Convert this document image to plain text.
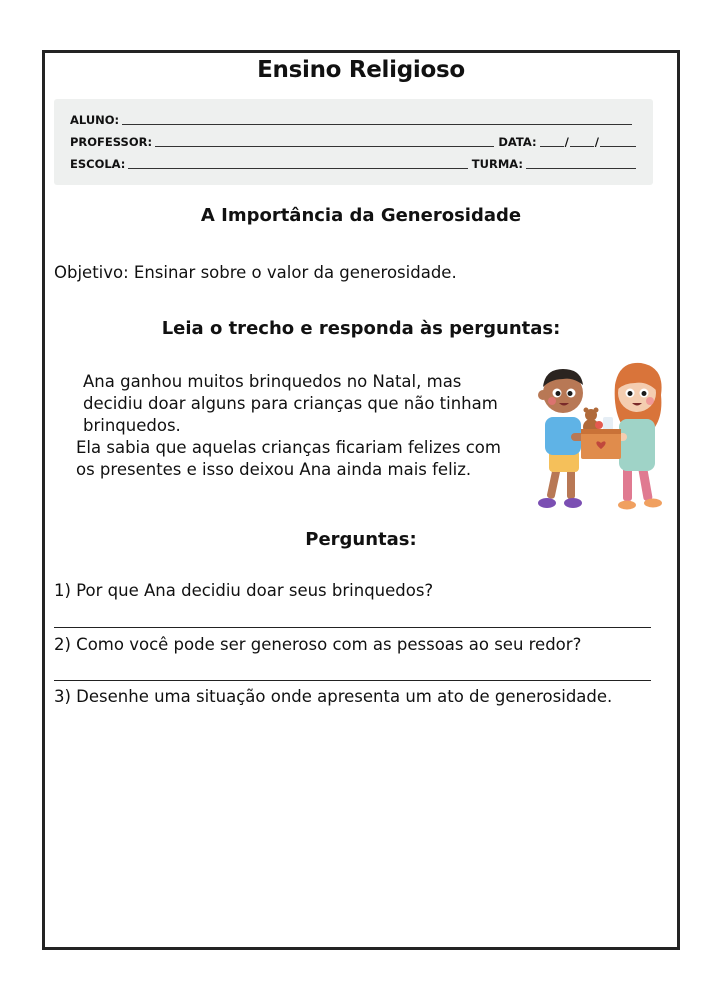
Ensino Religioso
ALUNO:
PROFESSOR:	DATA: / /
ESCOLA:	TURMA:
A Importância da Generosidade
Objetivo: Ensinar sobre o valor da generosidade.
Leia o trecho e responda às perguntas:

Ana ganhou muitos brinquedos no Natal, mas decidiu doar alguns para crianças que não tinham brinquedos.

Ela sabia que aquelas crianças ficariam felizes com os presentes e isso deixou Ana ainda mais feliz.

Perguntas:
1) Por que Ana decidiu doar seus brinquedos?
2) Como você pode ser generoso com as pessoas ao seu redor?
3) Desenhe uma situação onde apresenta um ato de generosidade.
